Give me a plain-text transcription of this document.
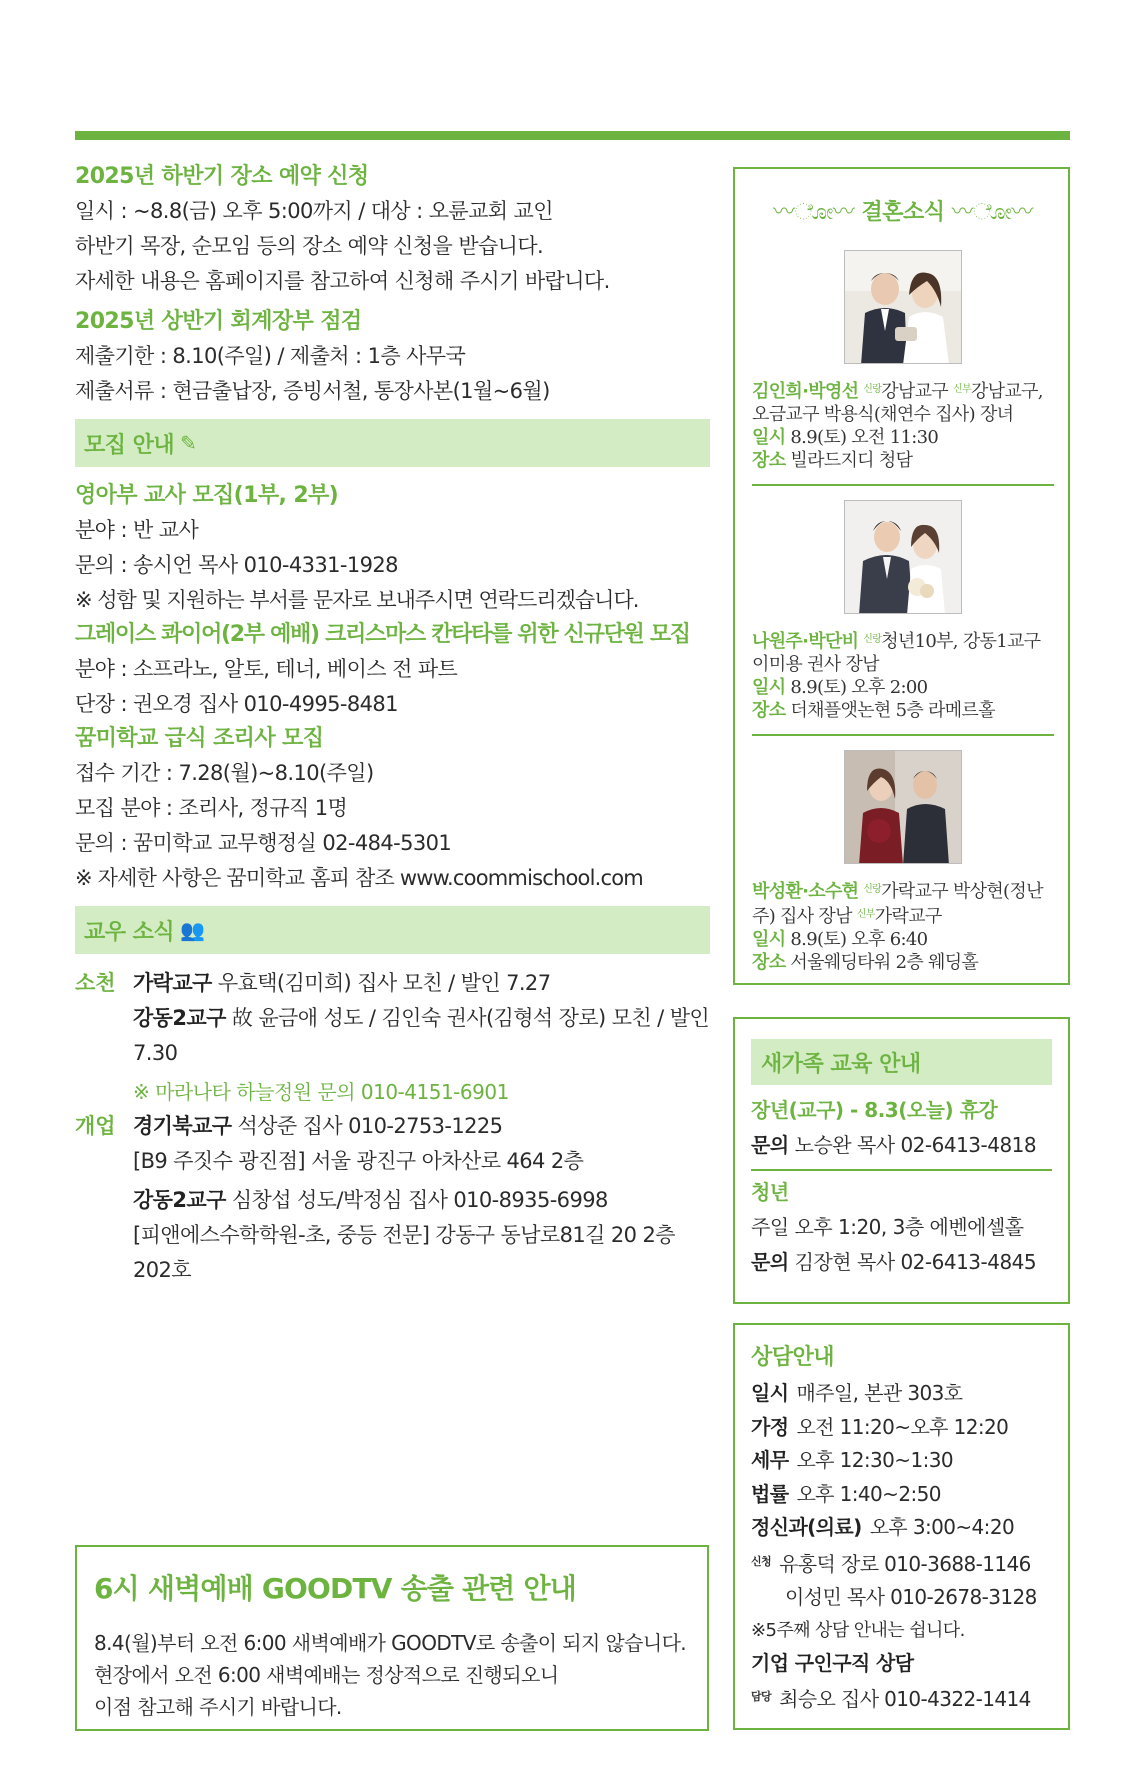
2025년 하반기 장소 예약 신청
일시 : ~8.8(금) 오후 5:00까지 / 대상 : 오륜교회 교인
하반기 목장, 순모임 등의 장소 예약 신청을 받습니다.
자세한 내용은 홈페이지를 참고하여 신청해 주시기 바랍니다.
2025년 상반기 회계장부 점검
제출기한 : 8.10(주일) / 제출처 : 1층 사무국
제출서류 : 현금출납장, 증빙서철, 통장사본(1월~6월)
모집 안내 ✎
영아부 교사 모집(1부, 2부)
분야 : 반 교사
문의 : 송시언 목사 010-4331-1928
※ 성함 및 지원하는 부서를 문자로 보내주시면 연락드리겠습니다.
그레이스 콰이어(2부 예배) 크리스마스 칸타타를 위한 신규단원 모집
분야 : 소프라노, 알토, 테너, 베이스 전 파트
단장 : 권오경 집사 010-4995-8481
꿈미학교 급식 조리사 모집
접수 기간 : 7.28(월)~8.10(주일)
모집 분야 : 조리사, 정규직 1명
문의 : 꿈미학교 교무행정실 02-484-5301
※ 자세한 사항은 꿈미학교 홈피 참조 www.coommischool.com
교우 소식 👥
소천 가락교구 우효택(김미희) 집사 모친 / 발인 7.27
강동2교구 故 윤금애 성도 / 김인숙 권사(김형석 장로) 모친 / 발인 7.30
※ 마라나타 하늘정원 문의 010-4151-6901
개업 경기북교구 석상준 집사 010-2753-1225
[B9 주짓수 광진점] 서울 광진구 아차산로 464 2층
강동2교구 심창섭 성도/박정심 집사 010-8935-6998
[피앤에스수학학원-초, 중등 전문] 강동구 동남로81길 20 2층 202호
6시 새벽예배 GOODTV 송출 관련 안내
8.4(월)부터 오전 6:00 새벽예배가 GOODTV로 송출이 되지 않습니다.
현장에서 오전 6:00 새벽예배는 정상적으로 진행되오니
이점 참고해 주시기 바랍니다.
〰ೋ〰 결혼소식 〰ೋ〰
김인희·박영선 $^{신랑}$강남교구 $^{신부}$강남교구, 오금교구 박용식(채연수 집사) 장녀
일시 8.9(토) 오전 11:30
장소 빌라드지디 청담
나원주·박단비 $^{신랑}$청년10부, 강동1교구 이미용 권사 장남
일시 8.9(토) 오후 2:00
장소 더채플앳논현 5층 라메르홀
박성환·소수현 $^{신랑}$가락교구 박상현(정난주) 집사 장남 $^{신부}$가락교구
일시 8.9(토) 오후 6:40
장소 서울웨딩타워 2층 웨딩홀
새가족 교육 안내
장년(교구) - 8.3(오늘) 휴강
문의 노승완 목사 02-6413-4818
청년
주일 오후 1:20, 3층 에벤에셀홀
문의 김장현 목사 02-6413-4845
상담안내
일시 매주일, 본관 303호
가정 오전 11:20~오후 12:20
세무 오후 12:30~1:30
법률 오후 1:40~2:50
정신과(의료) 오후 3:00~4:20
$^{신청}$ 유홍덕 장로 010-3688-1146
이성민 목사 010-2678-3128
※5주째 상담 안내는 쉽니다.
기업 구인구직 상담
$^{담당}$ 최승오 집사 010-4322-1414
